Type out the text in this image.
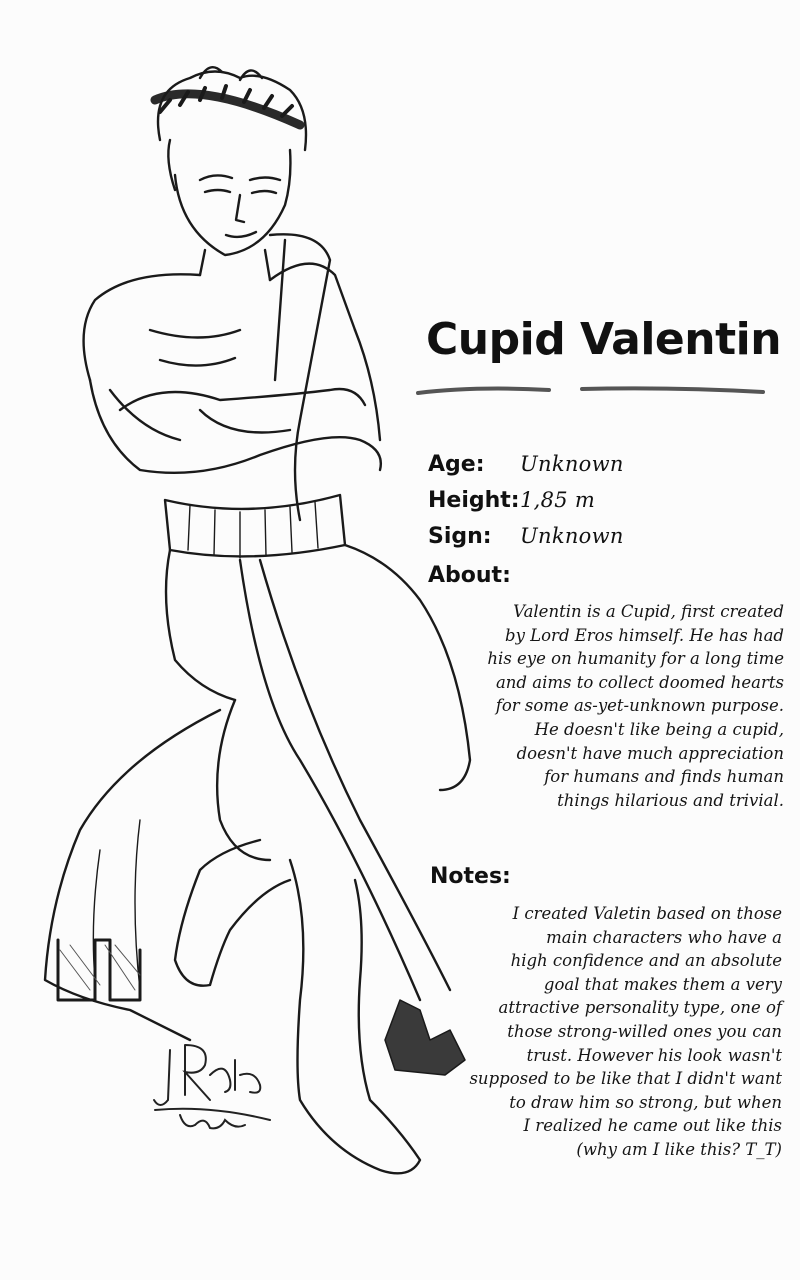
Cupid Valentin
Age: Unknown
Height:1,85 m
Sign: Unknown
About:
Valentin is a Cupid, first created
by Lord Eros himself. He has had
his eye on humanity for a long time
and aims to collect doomed hearts
for some as-yet-unknown purpose.
He doesn't like being a cupid,
doesn't have much appreciation
for humans and finds human
things hilarious and trivial.
Notes:
I created Valetin based on those
main characters who have a
high confidence and an absolute
goal that makes them a very
attractive personality type, one of
those strong-willed ones you can
trust. However his look wasn't
supposed to be like that I didn't want
to draw him so strong, but when
I realized he came out like this
(why am I like this? T_T)
